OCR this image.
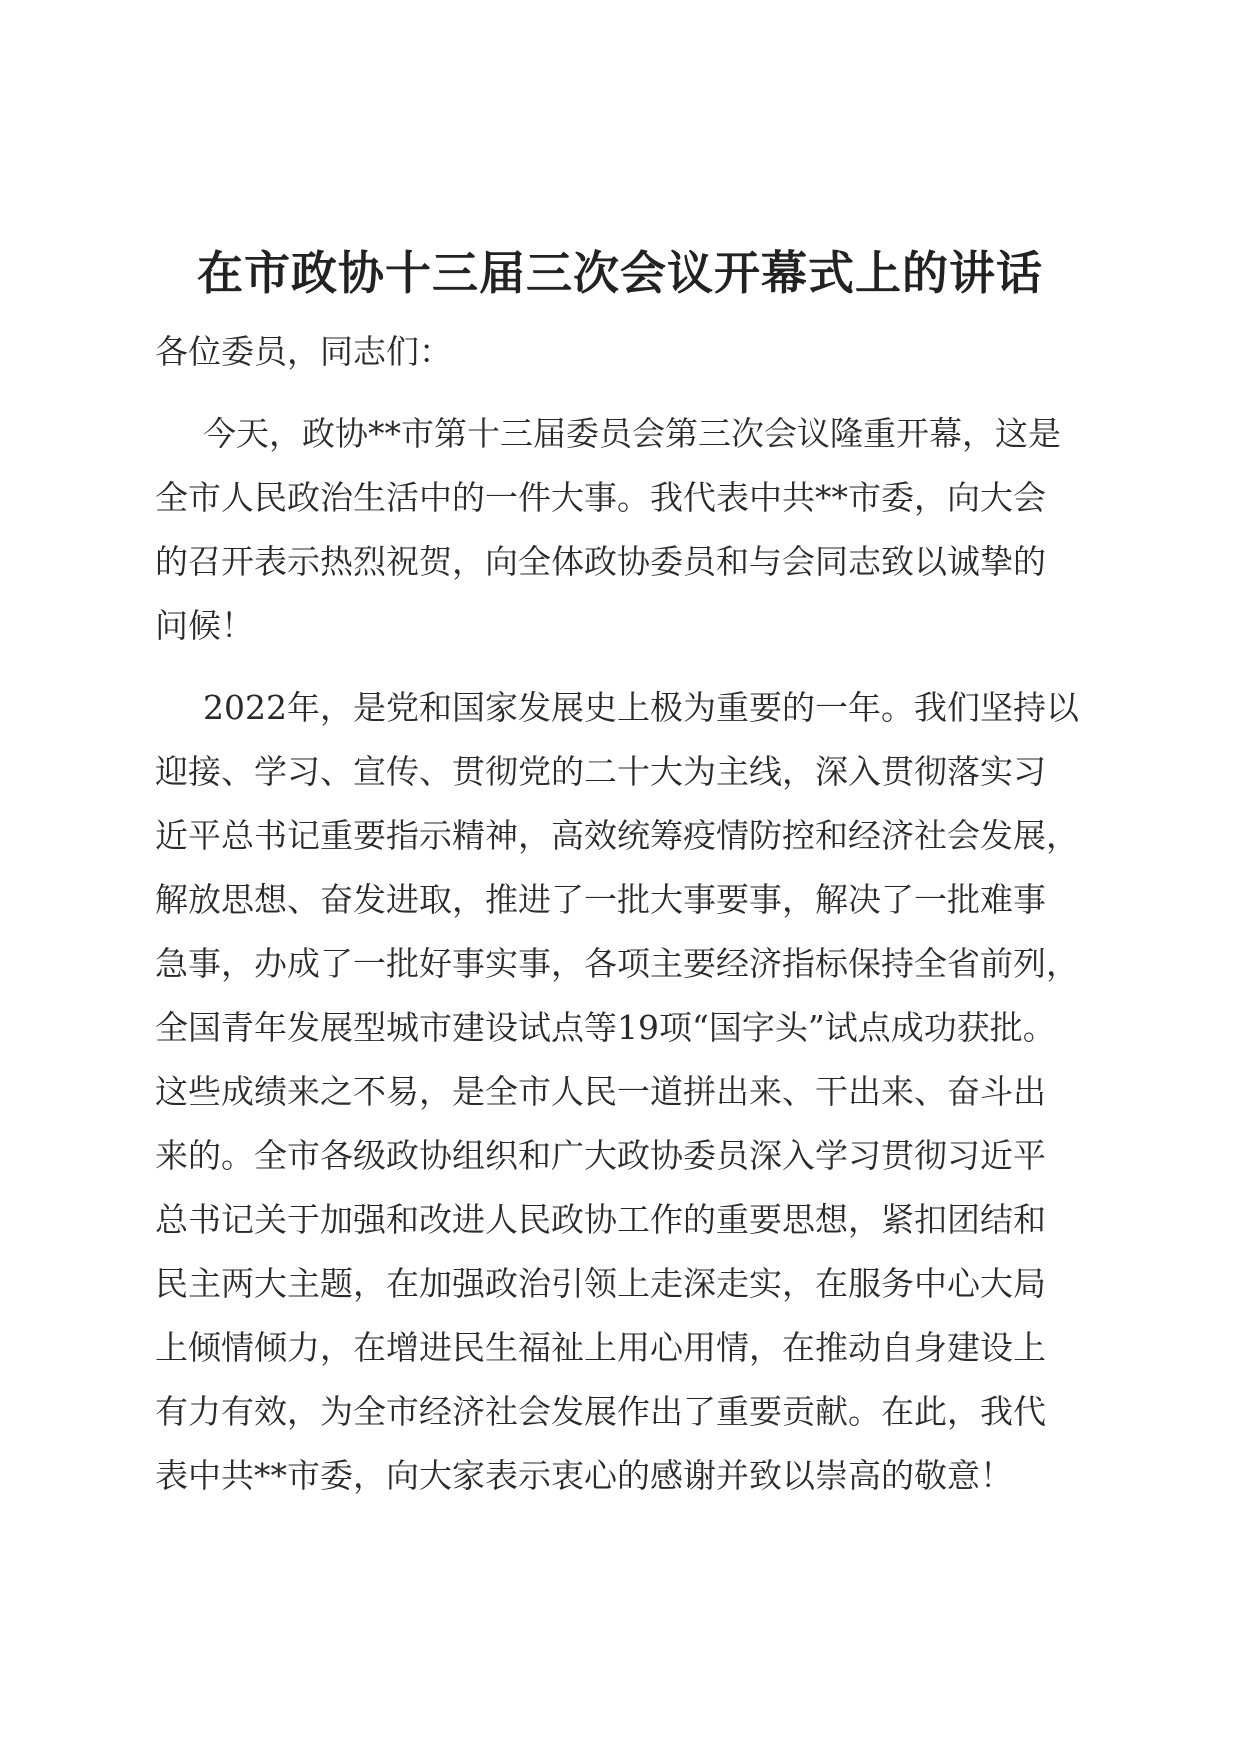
在市政协十三届三次会议开幕式上的讲话
各位委员，同志们：
今天，政协**市第十三届委员会第三次会议隆重开幕，这是
全市人民政治生活中的一件大事。我代表中共**市委，向大会
的召开表示热烈祝贺，向全体政协委员和与会同志致以诚挚的
问候！
2022年，是党和国家发展史上极为重要的一年。我们坚持以
迎接、学习、宣传、贯彻党的二十大为主线，深入贯彻落实习
近平总书记重要指示精神，高效统筹疫情防控和经济社会发展，
解放思想、奋发进取，推进了一批大事要事，解决了一批难事
急事，办成了一批好事实事，各项主要经济指标保持全省前列，
全国青年发展型城市建设试点等19项“国字头”试点成功获批。
这些成绩来之不易，是全市人民一道拼出来、干出来、奋斗出
来的。全市各级政协组织和广大政协委员深入学习贯彻习近平
总书记关于加强和改进人民政协工作的重要思想，紧扣团结和
民主两大主题，在加强政治引领上走深走实，在服务中心大局
上倾情倾力，在增进民生福祉上用心用情，在推动自身建设上
有力有效，为全市经济社会发展作出了重要贡献。在此，我代
表中共**市委，向大家表示衷心的感谢并致以崇高的敬意！
